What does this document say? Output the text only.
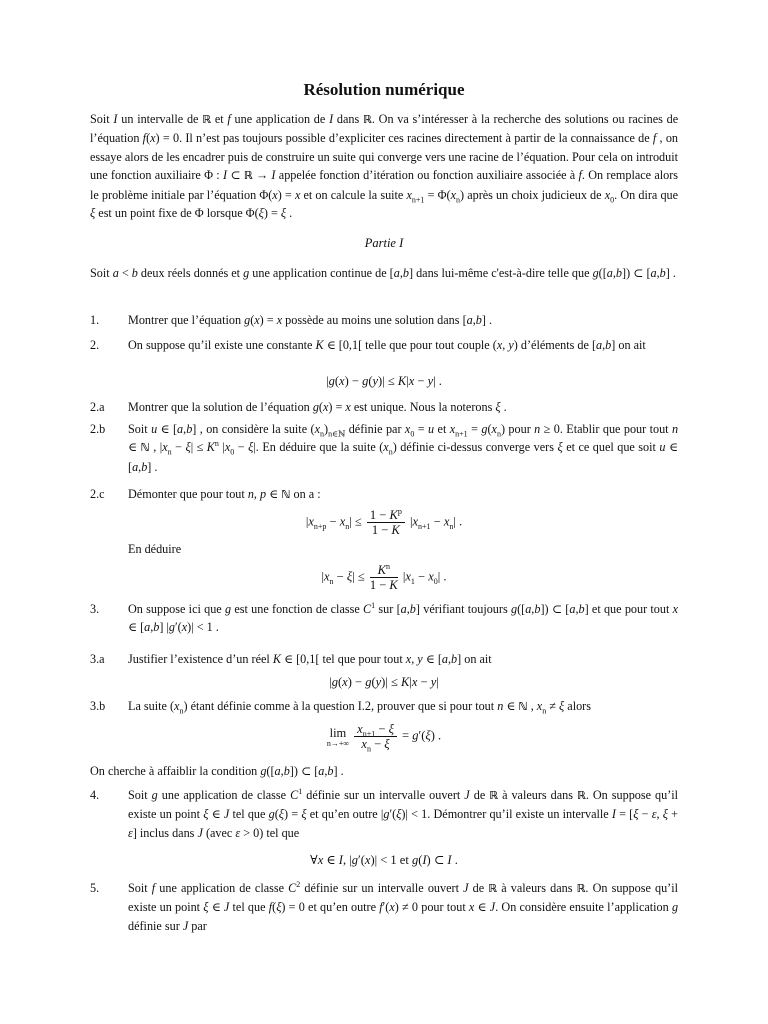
Résolution numérique
Soit I un intervalle de ℝ et f une application de I dans ℝ. On va s’intéresser à la recherche des solutions ou racines de l’équation f(x) = 0. Il n’est pas toujours possible d’expliciter ces racines directement à partir de la connaissance de f , on essaye alors de les encadrer puis de construire un suite qui converge vers une racine de l’équation. Pour cela on introduit une fonction auxiliaire Φ : I ⊂ ℝ → I appelée fonction d’itération ou fonction auxiliaire associée à f. On remplace alors le problème initiale par l’équation Φ(x) = x et on calcule la suite $x_{n+1} = \Phi(x_n)$ après un choix judicieux de $x_0$. On dira que ξ est un point fixe de Φ lorsque Φ(ξ) = ξ .
Partie I
Soit a < b deux réels donnés et g une application continue de [a,b] dans lui-même c'est-à-dire telle que g([a,b]) ⊂ [a,b] .
1.	Montrer que l’équation g(x) = x possède au moins une solution dans [a,b] .
2.	On suppose qu’il existe une constante K ∈ [0,1[ telle que pour tout couple (x, y) d’éléments de [a,b] on ait
|g(x) − g(y)| ≤ K|x − y| .
2.a	Montrer que la solution de l’équation g(x) = x est unique. Nous la noterons ξ .
2.b	Soit u ∈ [a,b] , on considère la suite $(x_n)_{n\in ℕ}$ définie par $x_0 = u$ et $x_{n+1} = g(x_n)$ pour n ≥ 0. Etablir que pour tout n ∈ ℕ , $|x_n - \xi| \le K^n$ $|x_0 - \xi|$. En déduire que la suite $(x_n)$ définie ci-dessus converge vers ξ et ce quel que soit u ∈ [a,b] .
2.c	Démonter que pour tout n, p ∈ ℕ on a :
$|x_{n+p} - x_n| \le \frac{1 - K^p}{1 - K} |x_{n+1} - x_n|$ .
En déduire
$|x_n - \xi| \le \frac{K^n}{1 - K} |x_1 - x_0|$ .
3.	On suppose ici que g est une fonction de classe $C^1$ sur [a,b] vérifiant toujours g([a,b]) ⊂ [a,b] et que pour tout x ∈ [a,b] |g′(x)| < 1 .
3.a	Justifier l’existence d’un réel K ∈ [0,1[ tel que pour tout x, y ∈ [a,b] on ait
|g(x) − g(y)| ≤ K|x − y|
3.b	La suite $(x_n)$ étant définie comme à la question I.2, prouver que si pour tout n ∈ ℕ , $x_n \ne \xi$ alors
lim
n→+∞
$\frac{x_{n+1} - \xi}{x_n - \xi} = g'(\xi)$ .
On cherche à affaiblir la condition g([a,b]) ⊂ [a,b] .
4.	Soit g une application de classe $C^1$ définie sur un intervalle ouvert J de ℝ à valeurs dans ℝ. On suppose qu’il existe un point ξ ∈ J tel que g(ξ) = ξ et qu’en outre |g′(ξ)| < 1. Démontrer qu’il existe un intervalle I = [ξ − ε, ξ + ε] inclus dans J (avec ε > 0) tel que
∀x ∈ I, |g′(x)| < 1 et g(I) ⊂ I .
5.	Soit f une application de classe $C^2$ définie sur un intervalle ouvert J de ℝ à valeurs dans ℝ. On suppose qu’il existe un point ξ ∈ J tel que f(ξ) = 0 et qu’en outre f′(x) ≠ 0 pour tout x ∈ J. On considère ensuite l’application g définie sur J par
